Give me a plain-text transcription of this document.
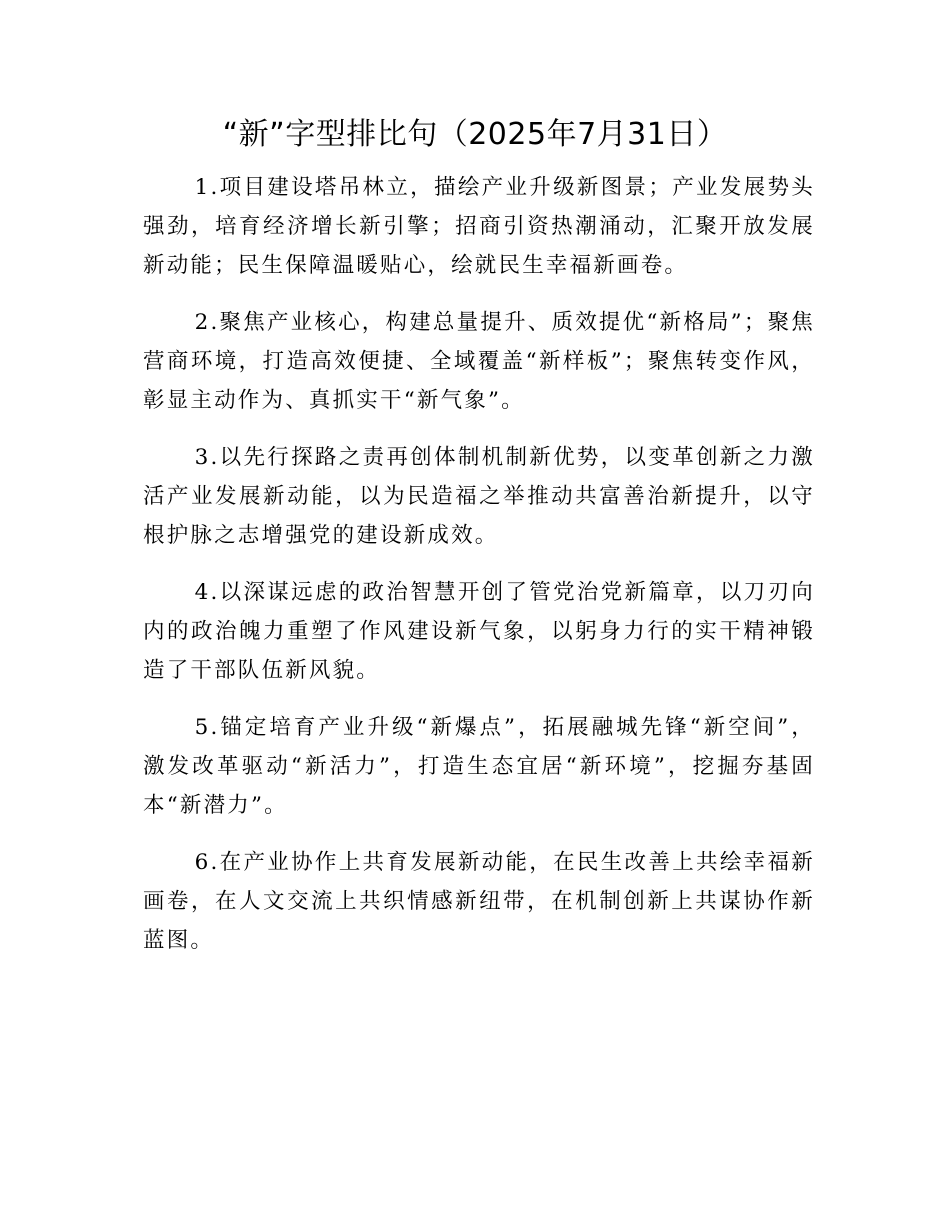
“新”字型排比句（2025年7月31日）

1.项目建设塔吊林立，描绘产业升级新图景；产业发展势头强劲，培育经济增长新引擎；招商引资热潮涌动，汇聚开放发展新动能；民生保障温暖贴心，绘就民生幸福新画卷。

2.聚焦产业核心，构建总量提升、质效提优“新格局”；聚焦营商环境，打造高效便捷、全域覆盖“新样板”；聚焦转变作风，彰显主动作为、真抓实干“新气象”。

3.以先行探路之责再创体制机制新优势，以变革创新之力激活产业发展新动能，以为民造福之举推动共富善治新提升，以守根护脉之志增强党的建设新成效。

4.以深谋远虑的政治智慧开创了管党治党新篇章，以刀刃向内的政治魄力重塑了作风建设新气象，以躬身力行的实干精神锻造了干部队伍新风貌。

5.锚定培育产业升级“新爆点”，拓展融城先锋“新空间”，激发改革驱动“新活力”，打造生态宜居“新环境”，挖掘夯基固本“新潜力”。

6.在产业协作上共育发展新动能，在民生改善上共绘幸福新画卷，在人文交流上共织情感新纽带，在机制创新上共谋协作新蓝图。
